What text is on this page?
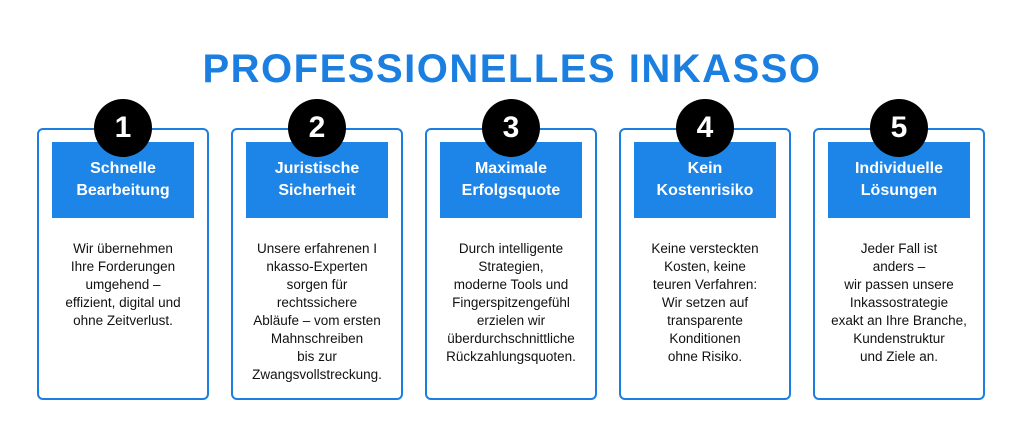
PROFESSIONELLES INKASSO
Schnelle
Bearbeitung
Wir übernehmen
Ihre Forderungen
umgehend –
effizient, digital und
ohne Zeitverlust.
1
Juristische
Sicherheit
Unsere erfahrenen I
nkasso-Experten
sorgen für
rechtssichere
Abläufe – vom ersten
Mahnschreiben
bis zur
Zwangsvollstreckung.
2
Maximale
Erfolgsquote
Durch intelligente
Strategien,
moderne Tools und
Fingerspitzengefühl
erzielen wir
überdurchschnittliche
Rückzahlungsquoten.
3
Kein
Kostenrisiko
Keine versteckten
Kosten, keine
teuren Verfahren:
Wir setzen auf
transparente
Konditionen
ohne Risiko.
4
Individuelle
Lösungen
Jeder Fall ist
anders –
wir passen unsere
Inkassostrategie
exakt an Ihre Branche,
Kundenstruktur
und Ziele an.
5
